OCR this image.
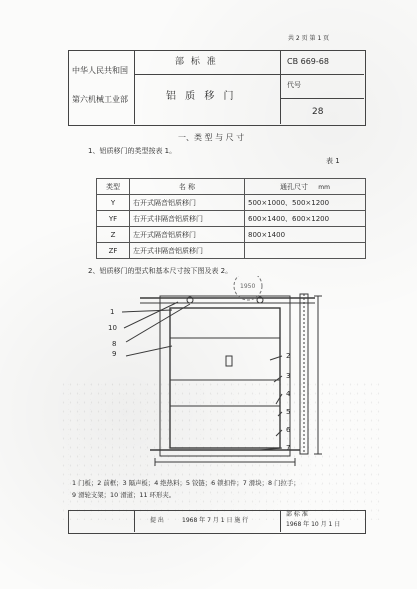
共 2 页 第 1 页
中华人民共和国
第六机械工业部
部 标 准	CB 669-68
铝 质 移 门
代号
28
一、类 型 与 尺 寸
1、铝质移门的类型按表 1。
表 1
类型	名 称	通孔尺寸 mm
Y	右开式隔音铝质移门	500×1000、500×1200
YF	右开式非隔音铝质移门	600×1400、600×1200
Z	左开式隔音铝质移门	800×1400
ZF	左开式非隔音铝质移门	
2、铝质移门的型式和基本尺寸按下图及表 2。
1
10
9
8
2
3
4
5
6
7
1950
1 门板；2 前框；3 隔声板；4 绝热料；5 铰链；6 锁扣件；7 滑块；8 门拉手；
9 滑轮支架；10 滑道；11 环形夹。
提 出	1968 年 7 月 1 日 施 行
部 标 准
1968 年 10 月 1 日
